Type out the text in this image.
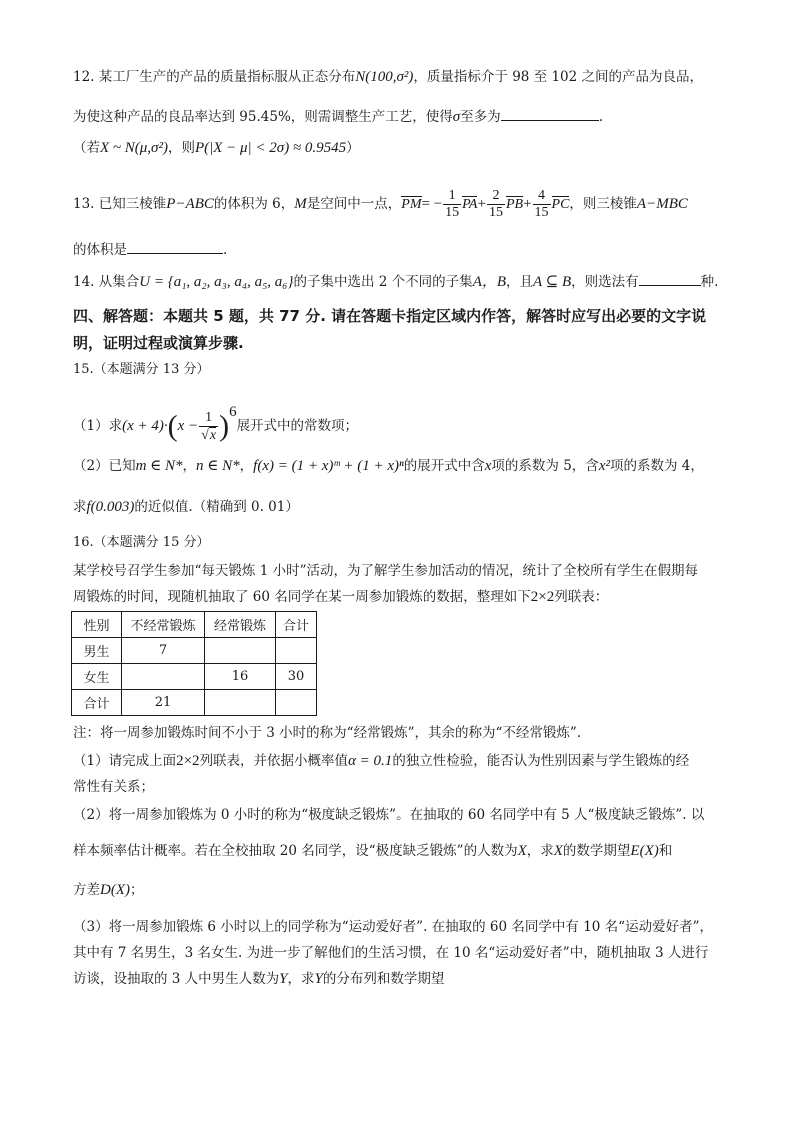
12. 某工厂生产的产品的质量指标服从正态分布N(100,σ²)，质量指标介于 98 至 102 之间的产品为良品，
为使这种产品的良品率达到 95.45%，则需调整生产工艺，使得σ至多为	.
（若X ~ N(μ,σ²)，则P(|X − μ| < 2σ) ≈ 0.9545）
13. 已知三棱锥P−ABC的体积为 6，M是空间中一点，$PM= - \frac{1}{15} PA+ \frac{2}{15} PB+ \frac{4}{15}$ PC，则三棱锥A−MBC
的体积是	.
14. 从集合U = {a₁, a₂, a₃, a₄, a₅, a₆}的子集中选出 2 个不同的子集A，B，且A ⊆ B，则选法有	种.
四、解答题：本题共 5 题，共 77 分. 请在答题卡指定区域内作答，解答时应写出必要的文字说
明，证明过程或演算步骤.
15.（本题满分 13 分）
（1）求$(x + 4)\cdot(x - \frac{1}{√x} )^6$展开式中的常数项；
（2）已知m ∈ N*，n ∈ N*，f(x) = (1 + x)ᵐ + (1 + x)ⁿ的展开式中含x项的系数为 5，含x²项的系数为 4，
求f(0.003)的近似值.（精确到 0. 01）
16.（本题满分 15 分）
某学校号召学生参加“每天锻炼 1 小时”活动，为了解学生参加活动的情况，统计了全校所有学生在假期每
周锻炼的时间，现随机抽取了 60 名同学在某一周参加锻炼的数据，整理如下2×2列联表：
性别	不经常锻炼	经常锻炼	合计
男生	7		
女生		16	30
合计	21		
注：将一周参加锻炼时间不小于 3 小时的称为“经常锻炼”，其余的称为“不经常锻炼”.
（1）请完成上面2×2列联表，并依据小概率值α = 0.1的独立性检验，能否认为性别因素与学生锻炼的经
常性有关系；
（2）将一周参加锻炼为 0 小时的称为“极度缺乏锻炼”。在抽取的 60 名同学中有 5 人“极度缺乏锻炼”. 以
样本频率估计概率。若在全校抽取 20 名同学，设“极度缺乏锻炼”的人数为X，求X的数学期望E(X)和
方差D(X)；
（3）将一周参加锻炼 6 小时以上的同学称为“运动爱好者”. 在抽取的 60 名同学中有 10 名“运动爱好者”，
其中有 7 名男生，3 名女生. 为进一步了解他们的生活习惯，在 10 名“运动爱好者”中，随机抽取 3 人进行
访谈，设抽取的 3 人中男生人数为Y，求Y的分布列和数学期望
